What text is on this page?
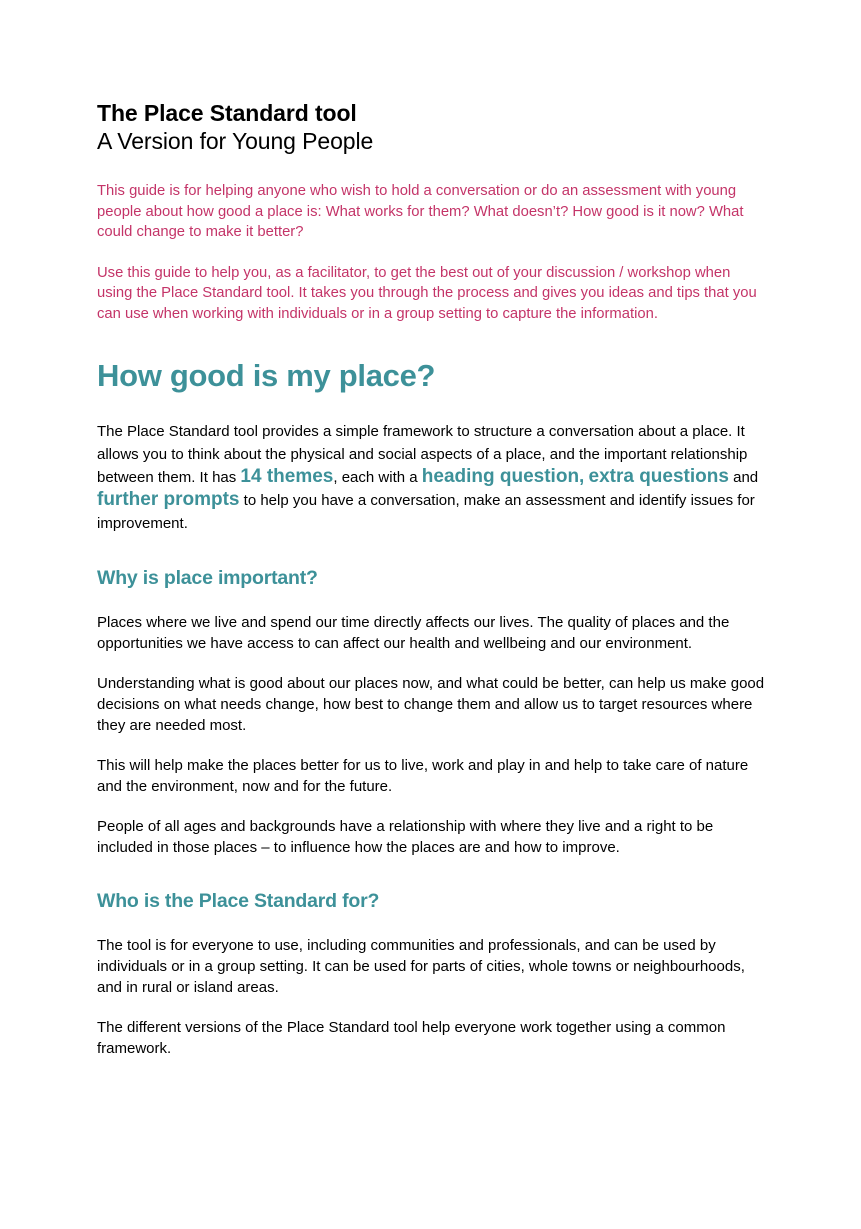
The Place Standard tool
A Version for Young People

This guide is for helping anyone who wish to hold a conversation or do an assessment with young people about how good a place is: What works for them? What doesn’t? How good is it now? What could change to make it better?

Use this guide to help you, as a facilitator, to get the best out of your discussion / workshop when using the Place Standard tool. It takes you through the process and gives you ideas and tips that you can use when working with individuals or in a group setting to capture the information.

How good is my place?

The Place Standard tool provides a simple framework to structure a conversation about a place. It allows you to think about the physical and social aspects of a place, and the important relationship between them. It has 14 themes, each with a heading question, extra questions and further prompts to help you have a conversation, make an assessment and identify issues for improvement.

Why is place important?

Places where we live and spend our time directly affects our lives. The quality of places and the opportunities we have access to can affect our health and wellbeing and our environment.

Understanding what is good about our places now, and what could be better, can help us make good decisions on what needs change, how best to change them and allow us to target resources where they are needed most.

This will help make the places better for us to live, work and play in and help to take care of nature and the environment, now and for the future.

People of all ages and backgrounds have a relationship with where they live and a right to be included in those places – to influence how the places are and how to improve.

Who is the Place Standard for?

The tool is for everyone to use, including communities and professionals, and can be used by individuals or in a group setting. It can be used for parts of cities, whole towns or neighbourhoods, and in rural or island areas.

The different versions of the Place Standard tool help everyone work together using a common framework.
